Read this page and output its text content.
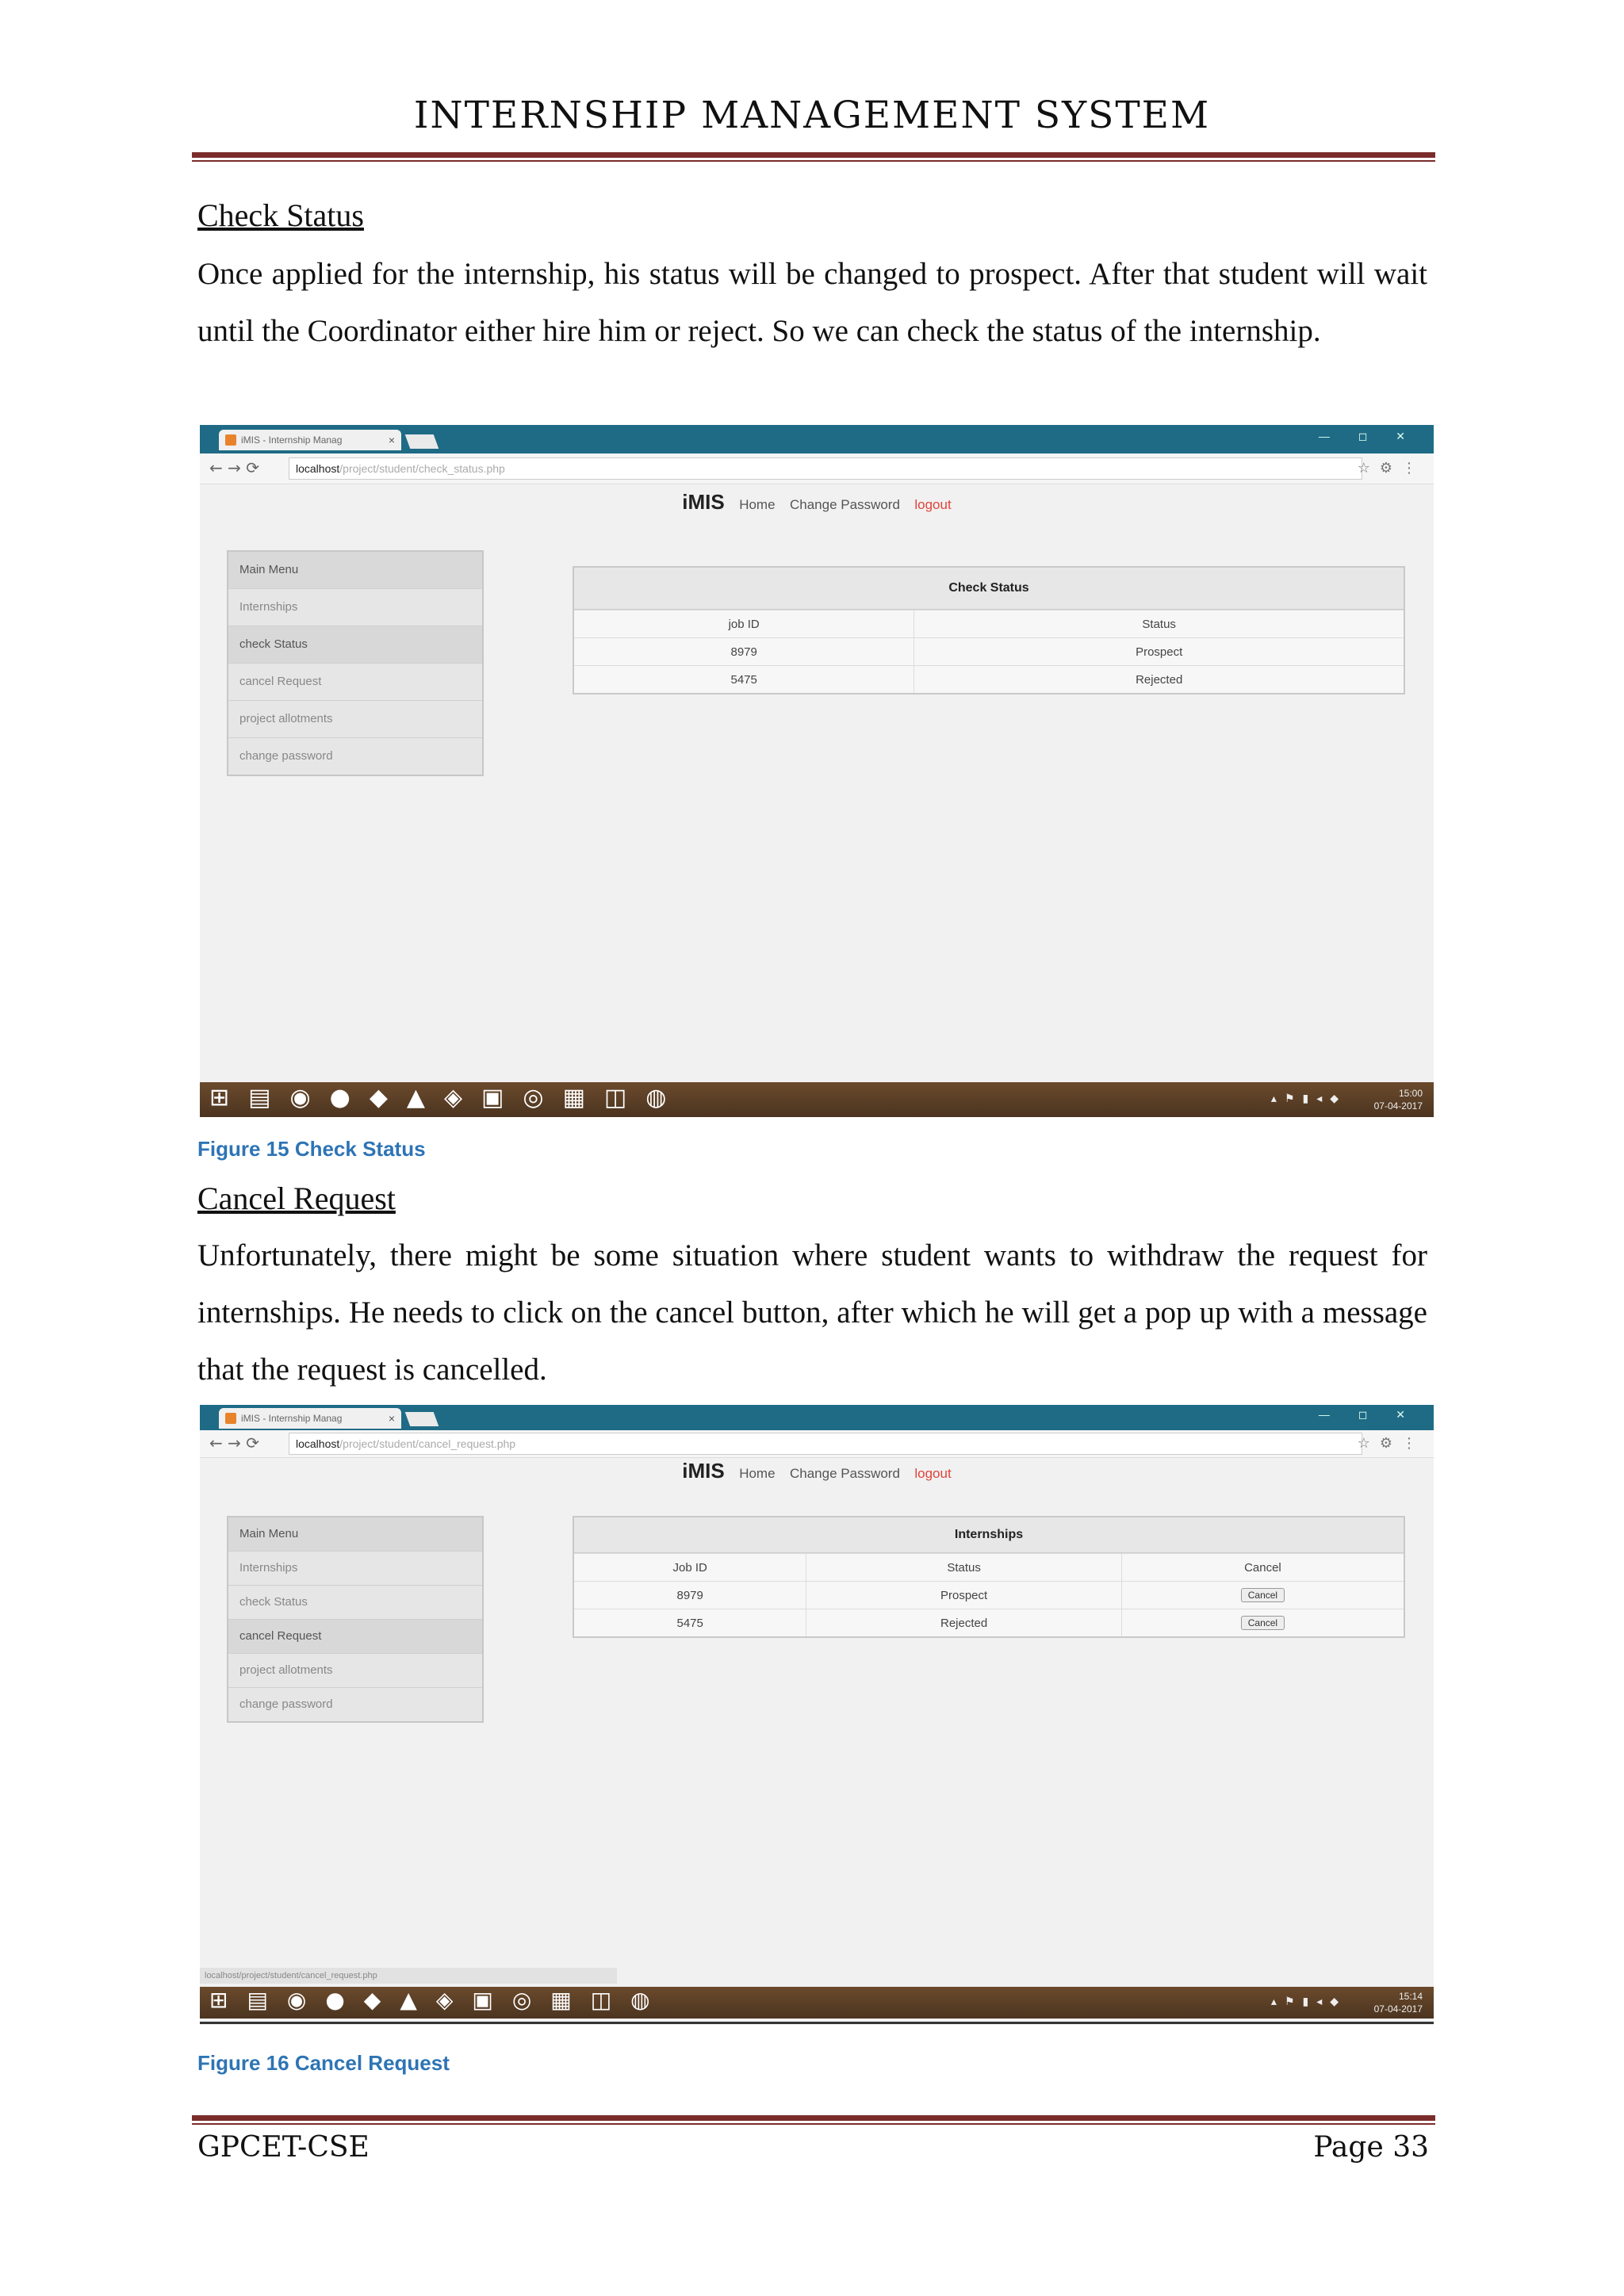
INTERNSHIP MANAGEMENT SYSTEM
Check Status
Once applied for the internship, his status will be changed to prospect. After that student will wait until the Coordinator either hire him or reject. So we can check the status of the internship.
iMIS - Internship Manag	×	— ◻ ✕
← → ⟳	localhost/project/student/check_status.php	☆⚙⋮
iMIS Home Change Password logout
Main Menu
Internships
check Status
cancel Request
project allotments
change password
Check Status
job ID	Status
8979	Prospect
5475	Rejected
⊞▤◉●◆▲◈▣◎▦◫◍	▴⚑▮◂◆	15:00
07-04-2017
Figure 15 Check Status
Cancel Request
Unfortunately, there might be some situation where student wants to withdraw the request for internships. He needs to click on the cancel button, after which he will get a pop up with a message that the request is cancelled.
iMIS - Internship Manag	×	— ◻ ✕
← → ⟳	localhost/project/student/cancel_request.php	☆⚙⋮
iMIS Home Change Password logout
Main Menu
Internships
check Status
cancel Request
project allotments
change password
Internships
Job ID	Status	Cancel
8979	Prospect	Cancel
5475	Rejected	Cancel
localhost/project/student/cancel_request.php
⊞▤◉●◆▲◈▣◎▦◫◍	▴⚑▮◂◆	15:14
07-04-2017
Figure 16 Cancel Request
GPCET-CSE	Page 33
